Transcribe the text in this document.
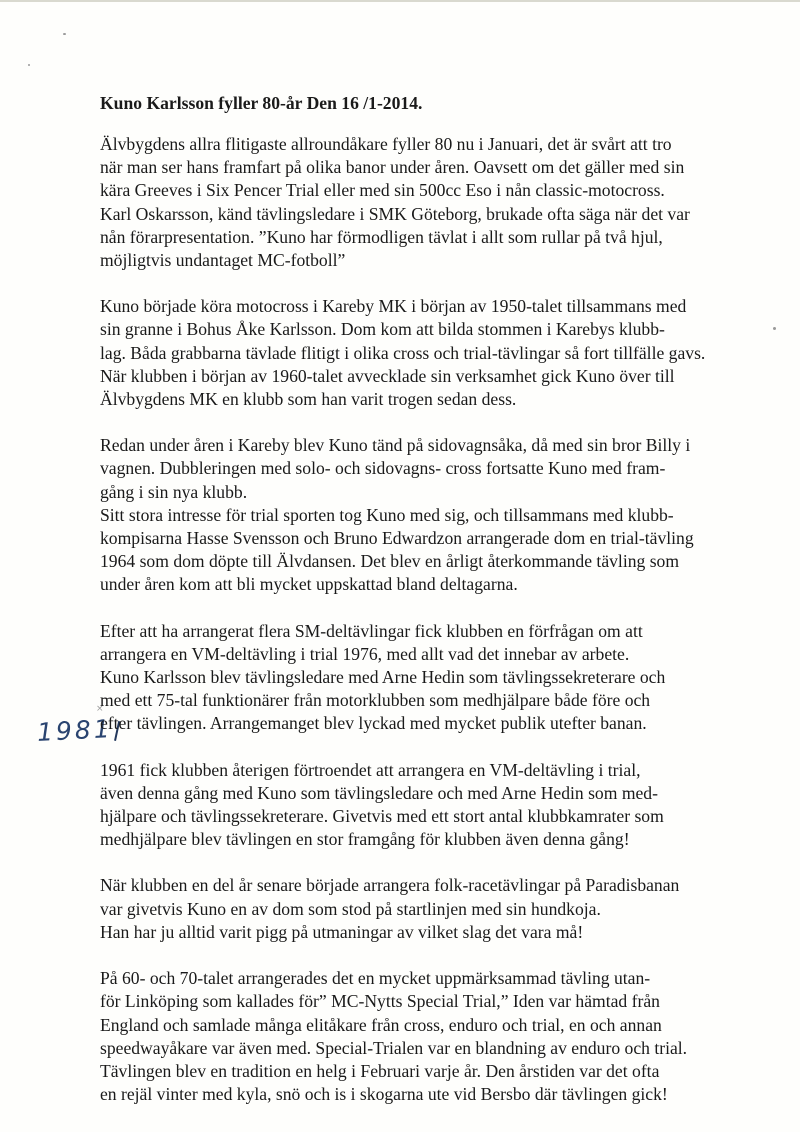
1981
×
Kuno Karlsson fyller 80-år Den 16 /1-2014.
Älvbygdens allra flitigaste allroundåkare fyller 80 nu i Januari, det är svårt att tro
när man ser hans framfart på olika banor under åren. Oavsett om det gäller med sin
kära Greeves i Six Pencer Trial eller med sin 500cc Eso i nån classic-motocross.
Karl Oskarsson, känd tävlingsledare i SMK Göteborg, brukade ofta säga när det var
nån förarpresentation. ”Kuno har förmodligen tävlat i allt som rullar på två hjul,
möjligtvis undantaget MC-fotboll”
Kuno började köra motocross i Kareby MK i början av 1950-talet tillsammans med
sin granne i Bohus Åke Karlsson. Dom kom att bilda stommen i Karebys klubb-
lag. Båda grabbarna tävlade flitigt i olika cross och trial-tävlingar så fort tillfälle gavs.
När klubben i början av 1960-talet avvecklade sin verksamhet gick Kuno över till
Älvbygdens MK en klubb som han varit trogen sedan dess.
Redan under åren i Kareby blev Kuno tänd på sidovagnsåka, då med sin bror Billy i
vagnen. Dubbleringen med solo- och sidovagns- cross fortsatte Kuno med fram-
gång i sin nya klubb.
Sitt stora intresse för trial sporten tog Kuno med sig, och tillsammans med klubb-
kompisarna Hasse Svensson och Bruno Edwardzon arrangerade dom en trial-tävling
1964 som dom döpte till Älvdansen. Det blev en årligt återkommande tävling som
under åren kom att bli mycket uppskattad bland deltagarna.
Efter att ha arrangerat flera SM-deltävlingar fick klubben en förfrågan om att
arrangera en VM-deltävling i trial 1976, med allt vad det innebar av arbete.
Kuno Karlsson blev tävlingsledare med Arne Hedin som tävlingssekreterare och
med ett 75-tal funktionärer från motorklubben som medhjälpare både före och
efter tävlingen. Arrangemanget blev lyckad med mycket publik utefter banan.
1961 fick klubben återigen förtroendet att arrangera en VM-deltävling i trial,
även denna gång med Kuno som tävlingsledare och med Arne Hedin som med-
hjälpare och tävlingssekreterare. Givetvis med ett stort antal klubbkamrater som
medhjälpare blev tävlingen en stor framgång för klubben även denna gång!
När klubben en del år senare började arrangera folk-racetävlingar på Paradisbanan
var givetvis Kuno en av dom som stod på startlinjen med sin hundkoja.
Han har ju alltid varit pigg på utmaningar av vilket slag det vara må!
På 60- och 70-talet arrangerades det en mycket uppmärksammad tävling utan-
för Linköping som kallades för” MC-Nytts Special Trial,” Iden var hämtad från
England och samlade många elitåkare från cross, enduro och trial, en och annan
speedwayåkare var även med. Special-Trialen var en blandning av enduro och trial.
Tävlingen blev en tradition en helg i Februari varje år. Den årstiden var det ofta
en rejäl vinter med kyla, snö och is i skogarna ute vid Bersbo där tävlingen gick!
